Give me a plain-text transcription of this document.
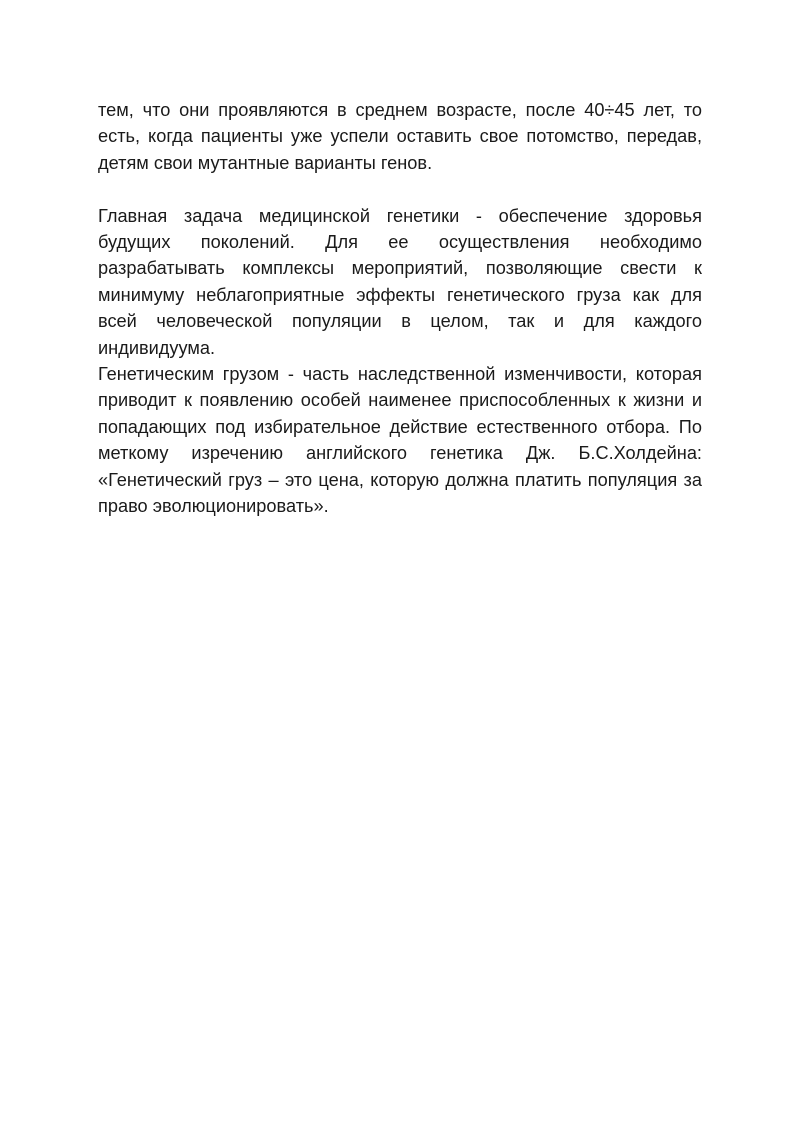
тем, что они проявляются в среднем возрасте, после 40÷45 лет, то есть, когда пациенты уже успели оставить свое потомство, передав, детям свои мутантные варианты генов.

Главная задача медицинской генетики - обеспечение здоровья будущих поколений. Для ее осуществления необходимо разрабатывать комплексы мероприятий, позволяющие свести к минимуму неблагоприятные эффекты генетического груза как для всей человеческой популяции в целом, так и для каждого индивидуума.

Генетическим грузом - часть наследственной изменчивости, которая приводит к появлению особей наименее приспособленных к жизни и попадающих под избирательное действие естественного отбора. По меткому изречению английского генетика Дж. Б.С.Холдейна: «Генетический груз – это цена, которую должна платить популяция за право эволюционировать».
